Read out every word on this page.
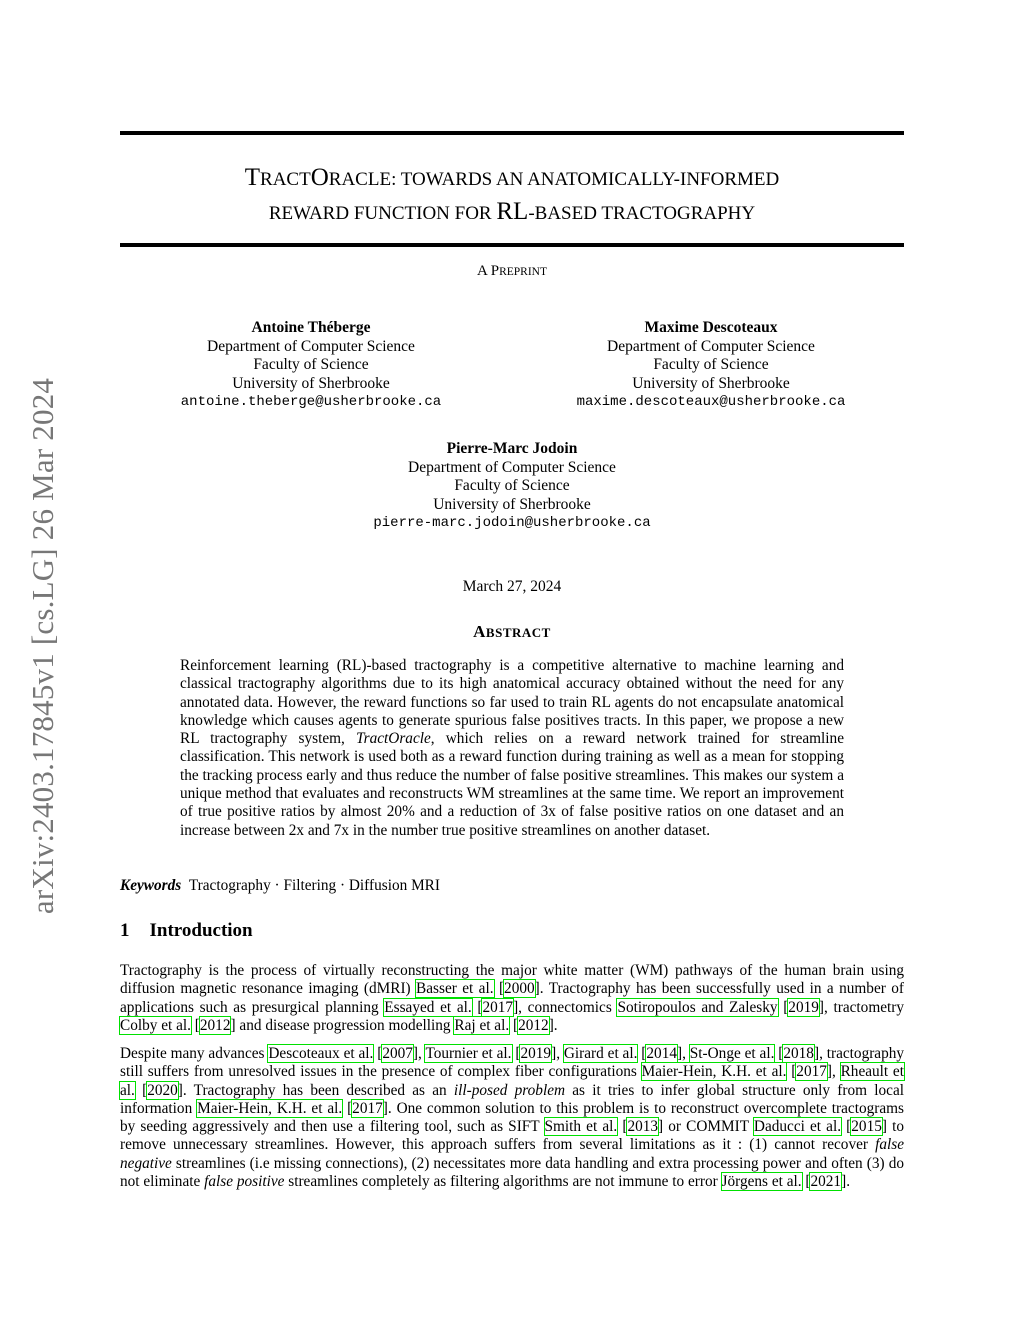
arXiv:2403.17845v1 [cs.LG] 26 Mar 2024
TRACTORACLE: TOWARDS AN ANATOMICALLY-INFORMED
REWARD FUNCTION FOR RL-BASED TRACTOGRAPHY
A PREPRINT
Antoine Théberge
Department of Computer Science
Faculty of Science
University of Sherbrooke
antoine.theberge@usherbrooke.ca
Maxime Descoteaux
Department of Computer Science
Faculty of Science
University of Sherbrooke
maxime.descoteaux@usherbrooke.ca
Pierre-Marc Jodoin
Department of Computer Science
Faculty of Science
University of Sherbrooke
pierre-marc.jodoin@usherbrooke.ca
March 27, 2024
ABSTRACT
Reinforcement learning (RL)-based tractography is a competitive alternative to machine learning and classical tractography algorithms due to its high anatomical accuracy obtained without the need for any annotated data. However, the reward functions so far used to train RL agents do not encapsulate anatomical knowledge which causes agents to generate spurious false positives tracts. In this paper, we propose a new RL tractography system, TractOracle, which relies on a reward network trained for streamline classification. This network is used both as a reward function during training as well as a mean for stopping the tracking process early and thus reduce the number of false positive streamlines. This makes our system a unique method that evaluates and reconstructs WM streamlines at the same time. We report an improvement of true positive ratios by almost 20% and a reduction of 3x of false positive ratios on one dataset and an increase between 2x and 7x in the number true positive streamlines on another dataset.
Keywords Tractography · Filtering · Diffusion MRI
1 Introduction
Tractography is the process of virtually reconstructing the major white matter (WM) pathways of the human brain using diffusion magnetic resonance imaging (dMRI) Basser et al. [2000]. Tractography has been successfully used in a number of applications such as presurgical planning Essayed et al. [2017], connectomics Sotiropoulos and Zalesky [2019], tractometry Colby et al. [2012] and disease progression modelling Raj et al. [2012].
Despite many advances Descoteaux et al. [2007], Tournier et al. [2019], Girard et al. [2014], St-Onge et al. [2018], tractography still suffers from unresolved issues in the presence of complex fiber configurations Maier-Hein, K.H. et al. [2017], Rheault et al. [2020]. Tractography has been described as an ill-posed problem as it tries to infer global structure only from local information Maier-Hein, K.H. et al. [2017]. One common solution to this problem is to reconstruct overcomplete tractograms by seeding aggressively and then use a filtering tool, such as SIFT Smith et al. [2013] or COMMIT Daducci et al. [2015] to remove unnecessary streamlines. However, this approach suffers from several limitations as it : (1) cannot recover false negative streamlines (i.e missing connections), (2) necessitates more data handling and extra processing power and often (3) do not eliminate false positive streamlines completely as filtering algorithms are not immune to error Jörgens et al. [2021].
